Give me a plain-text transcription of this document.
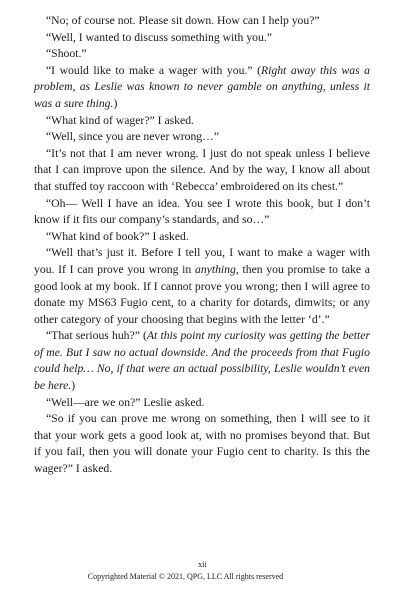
“No; of course not. Please sit down. How can I help you?”

“Well, I wanted to discuss something with you.”

“Shoot.”

“I would like to make a wager with you.” (Right away this was a problem, as Leslie was known to never gamble on anything, unless it was a sure thing.)

“What kind of wager?” I asked.

“Well, since you are never wrong…”

“It’s not that I am never wrong. I just do not speak unless I believe that I can improve upon the silence. And by the way, I know all about that stuffed toy raccoon with ‘Rebecca’ embroidered on its chest.”

“Oh— Well I have an idea. You see I wrote this book, but I don’t know if it fits our company’s standards, and so…”

“What kind of book?” I asked.

“Well that’s just it. Before I tell you, I want to make a wager with you. If I can prove you wrong in anything, then you promise to take a good look at my book. If I cannot prove you wrong; then I will agree to donate my MS63 Fugio cent, to a charity for dotards, dimwits; or any other category of your choosing that begins with the letter ‘d’.”

“That serious huh?” (At this point my curiosity was getting the better of me. But I saw no actual downside. And the proceeds from that Fugio could help… No, if that were an actual possibility, Leslie wouldn’t even be here.)

“Well—are we on?” Leslie asked.

“So if you can prove me wrong on something, then I will see to it that your work gets a good look at, with no promises beyond that. But if you fail, then you will donate your Fugio cent to charity. Is this the wager?” I asked.

xii
Copyrighted Material © 2021, QPG, LLC All rights reserved
